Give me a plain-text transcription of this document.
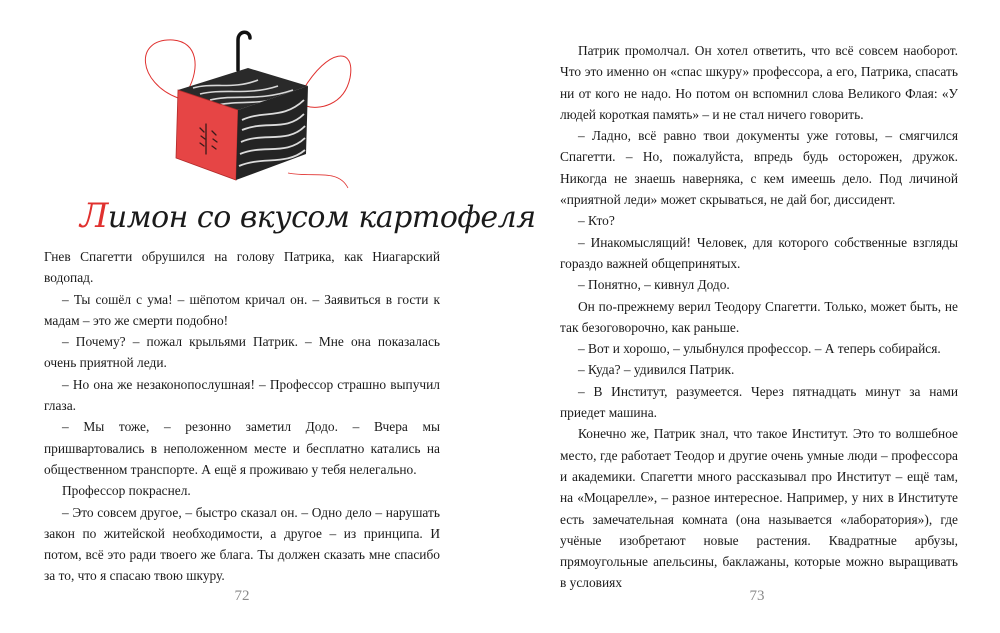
Лимон со вкусом картофеля

Гнев Спагетти обрушился на голову Патрика, как Ниагарский водопад.

– Ты сошёл с ума! – шёпотом кричал он. – Заявиться в гости к мадам – это же смерти подобно!

– Почему? – пожал крыльями Патрик. – Мне она показалась очень приятной леди.

– Но она же незаконопослушная! – Профессор страшно выпучил глаза.

– Мы тоже, – резонно заметил Додо. – Вчера мы пришвартовались в неположенном месте и бесплатно катались на общественном транспорте. А ещё я проживаю у тебя нелегально.

Профессор покраснел.

– Это совсем другое, – быстро сказал он. – Одно дело – нарушать закон по житейской необходимости, а другое – из принципа. И потом, всё это ради твоего же блага. Ты должен сказать мне спасибо за то, что я спасаю твою шкуру.

72

Патрик промолчал. Он хотел ответить, что всё совсем наоборот. Что это именно он «спас шкуру» профессора, а его, Патрика, спасать ни от кого не надо. Но потом он вспомнил слова Великого Флая: «У людей короткая память» – и не стал ничего говорить.

– Ладно, всё равно твои документы уже готовы, – смягчился Спагетти. – Но, пожалуйста, впредь будь осторожен, дружок. Никогда не знаешь наверняка, с кем имеешь дело. Под личиной «приятной леди» может скрываться, не дай бог, диссидент.

– Кто?

– Инакомыслящий! Человек, для которого собственные взгляды гораздо важней общепринятых.

– Понятно, – кивнул Додо.

Он по-прежнему верил Теодору Спагетти. Только, может быть, не так безоговорочно, как раньше.

– Вот и хорошо, – улыбнулся профессор. – А теперь собирайся.

– Куда? – удивился Патрик.

– В Институт, разумеется. Через пятнадцать минут за нами приедет машина.

Конечно же, Патрик знал, что такое Институт. Это то волшебное место, где работает Теодор и другие очень умные люди – профессора и академики. Спагетти много рассказывал про Институт – ещё там, на «Моцарелле», – разное интересное. Например, у них в Институте есть замечательная комната (она называется «лаборатория»), где учёные изобретают новые растения. Квадратные арбузы, прямоугольные апельсины, баклажаны, которые можно выращивать в условиях

73
